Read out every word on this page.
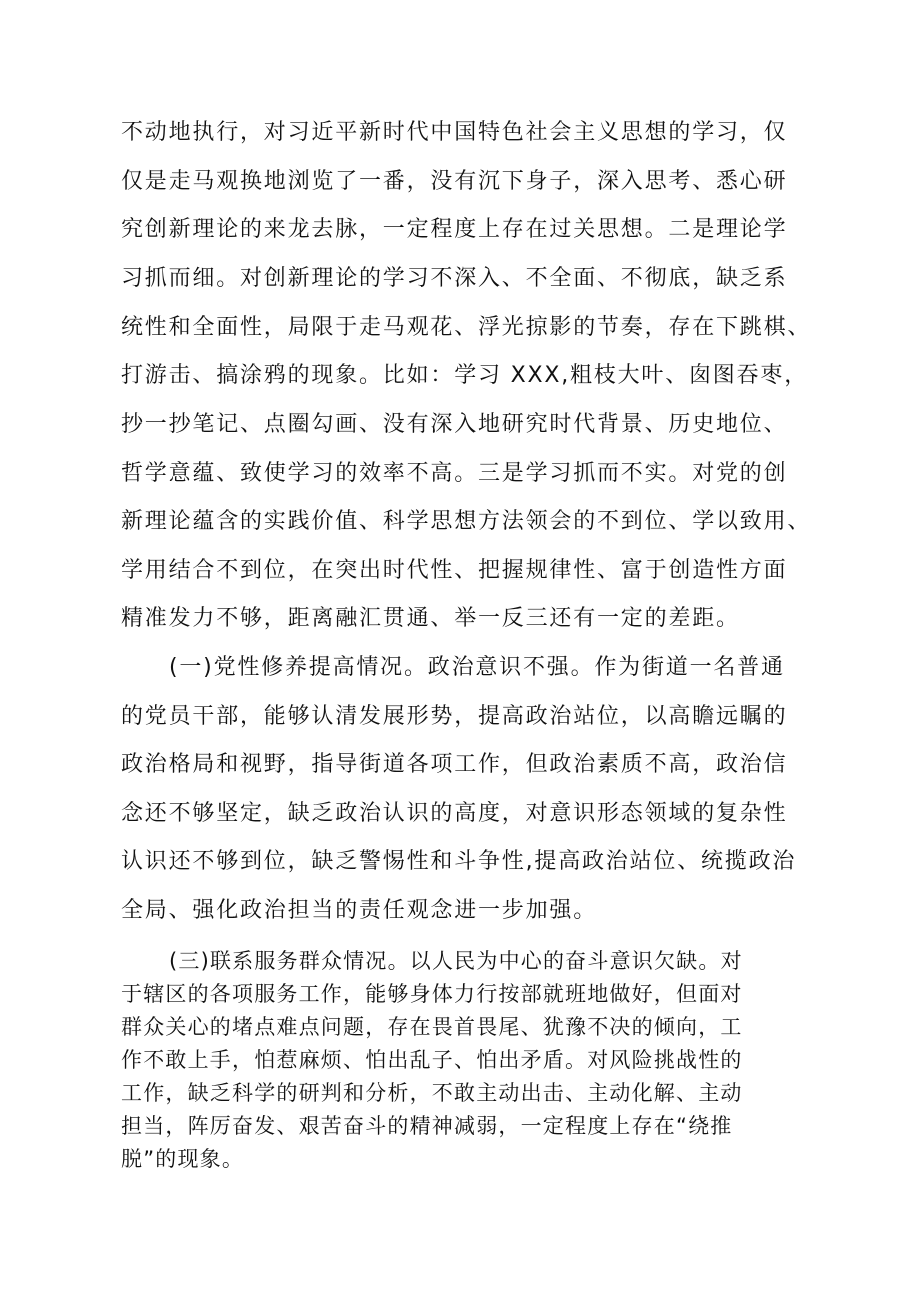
不动地执行，对习近平新时代中国特色社会主义思想的学习，仅

仅是走马观换地浏览了一番，没有沉下身子，深入思考、悉心研

究创新理论的来龙去脉，一定程度上存在过关思想。二是理论学

习抓而细。对创新理论的学习不深入、不全面、不彻底，缺乏系

统性和全面性，局限于走马观花、浮光掠影的节奏，存在下跳棋、

打游击、搞涂鸦的现象。比如：学习 XXX,粗枝大叶、囱图吞枣，

抄一抄笔记、点圈勾画、没有深入地研究时代背景、历史地位、

哲学意蕴、致使学习的效率不高。三是学习抓而不实。对党的创

新理论蕴含的实践价值、科学思想方法领会的不到位、学以致用、

学用结合不到位，在突出时代性、把握规律性、富于创造性方面

精准发力不够，距离融汇贯通、举一反三还有一定的差距。

(一)党性修养提高情况。政治意识不强。作为街道一名普通

的党员干部，能够认清发展形势，提高政治站位，以高瞻远瞩的

政治格局和视野，指导街道各项工作，但政治素质不高，政治信

念还不够坚定，缺乏政治认识的高度，对意识形态领域的复杂性

认识还不够到位，缺乏警惕性和斗争性,提高政治站位、统揽政治

全局、强化政治担当的责任观念进一步加强。

(三)联系服务群众情况。以人民为中心的奋斗意识欠缺。对

于辖区的各项服务工作，能够身体力行按部就班地做好，但面对

群众关心的堵点难点问题，存在畏首畏尾、犹豫不决的倾向，工

作不敢上手，怕惹麻烦、怕出乱子、怕出矛盾。对风险挑战性的

工作，缺乏科学的研判和分析，不敢主动出击、主动化解、主动

担当，阵厉奋发、艰苦奋斗的精神减弱，一定程度上存在“绕推

脱”的现象。
